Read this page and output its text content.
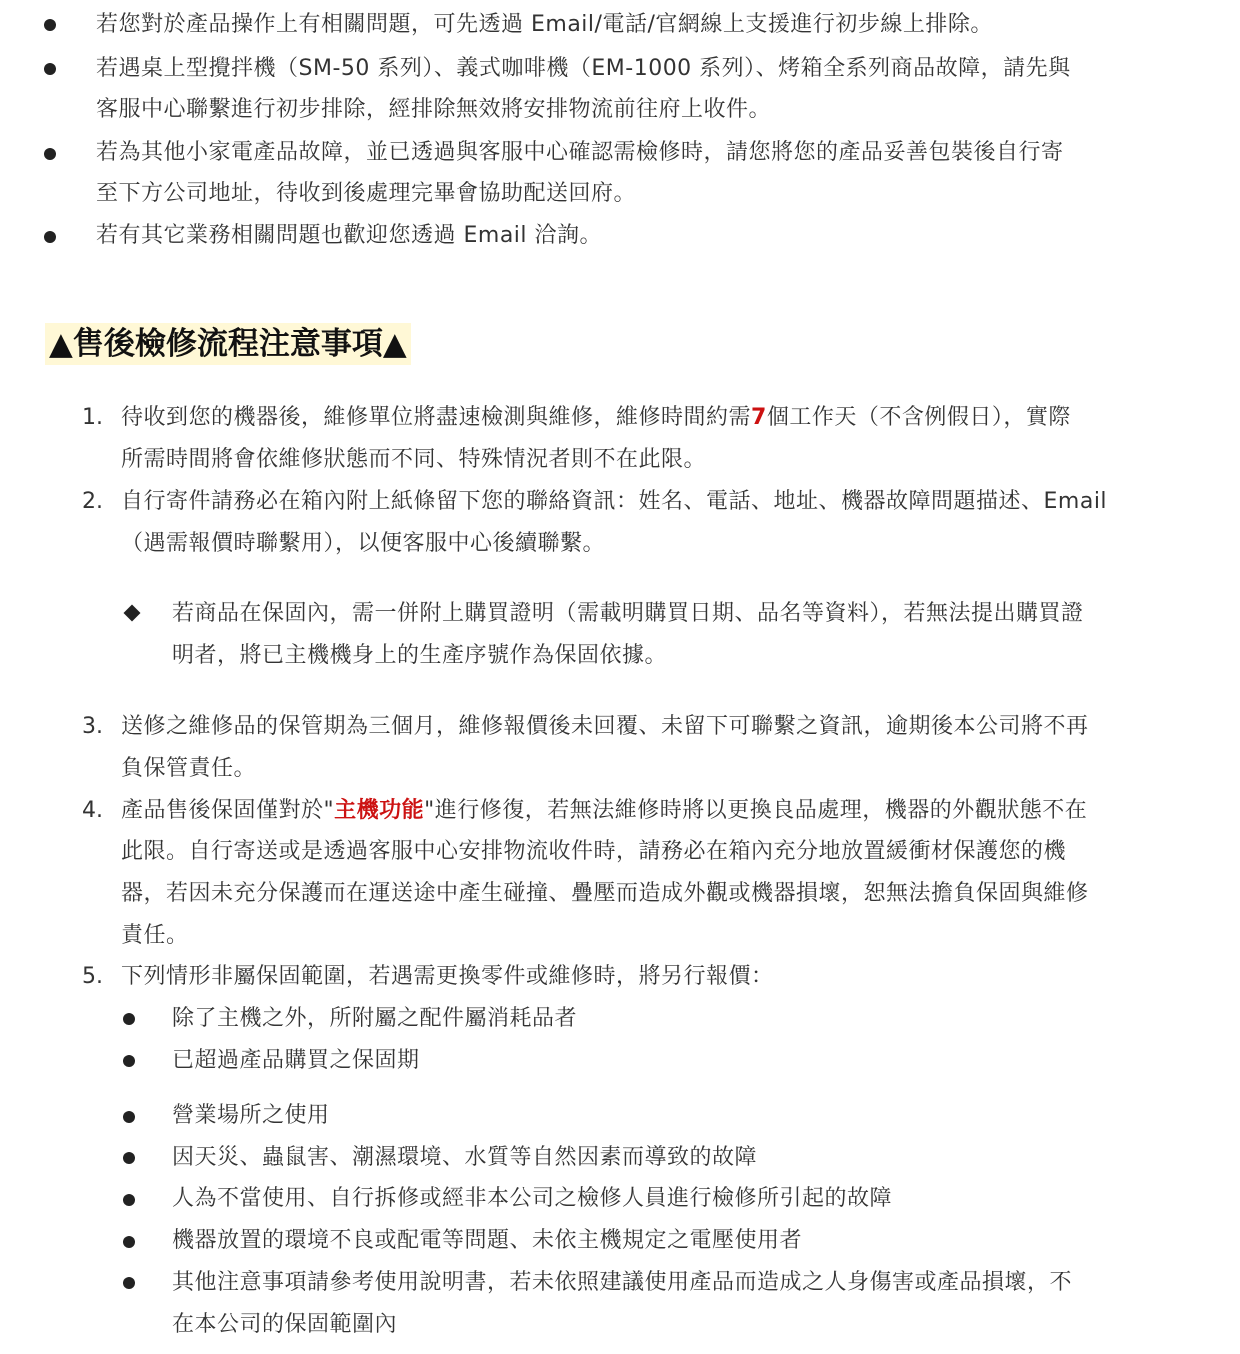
若您對於產品操作上有相關問題，可先透過 Email/電話/官網線上支援進行初步線上排除。
若遇桌上型攪拌機（SM-50 系列）、義式咖啡機（EM-1000 系列）、烤箱全系列商品故障，請先與
客服中心聯繫進行初步排除，經排除無效將安排物流前往府上收件。
若為其他小家電產品故障，並已透過與客服中心確認需檢修時，請您將您的產品妥善包裝後自行寄
至下方公司地址，待收到後處理完畢會協助配送回府。
若有其它業務相關問題也歡迎您透過 Email 洽詢。
▲售後檢修流程注意事項▲
1. 待收到您的機器後，維修單位將盡速檢測與維修，維修時間約需7個工作天（不含例假日），實際
所需時間將會依維修狀態而不同、特殊情況者則不在此限。
2. 自行寄件請務必在箱內附上紙條留下您的聯絡資訊：姓名、電話、地址、機器故障問題描述、Email
（遇需報價時聯繫用），以便客服中心後續聯繫。
若商品在保固內，需一併附上購買證明（需載明購買日期、品名等資料），若無法提出購買證
明者，將已主機機身上的生產序號作為保固依據。
3. 送修之維修品的保管期為三個月，維修報價後未回覆、未留下可聯繫之資訊，逾期後本公司將不再
負保管責任。
4. 產品售後保固僅對於"主機功能"進行修復，若無法維修時將以更換良品處理，機器的外觀狀態不在
此限。自行寄送或是透過客服中心安排物流收件時，請務必在箱內充分地放置緩衝材保護您的機
器，若因未充分保護而在運送途中產生碰撞、疊壓而造成外觀或機器損壞，恕無法擔負保固與維修
責任。
5. 下列情形非屬保固範圍，若遇需更換零件或維修時，將另行報價：
除了主機之外，所附屬之配件屬消耗品者
已超過產品購買之保固期
營業場所之使用
因天災、蟲鼠害、潮濕環境、水質等自然因素而導致的故障
人為不當使用、自行拆修或經非本公司之檢修人員進行檢修所引起的故障
機器放置的環境不良或配電等問題、未依主機規定之電壓使用者
其他注意事項請參考使用說明書，若未依照建議使用產品而造成之人身傷害或產品損壞，不
在本公司的保固範圍內
